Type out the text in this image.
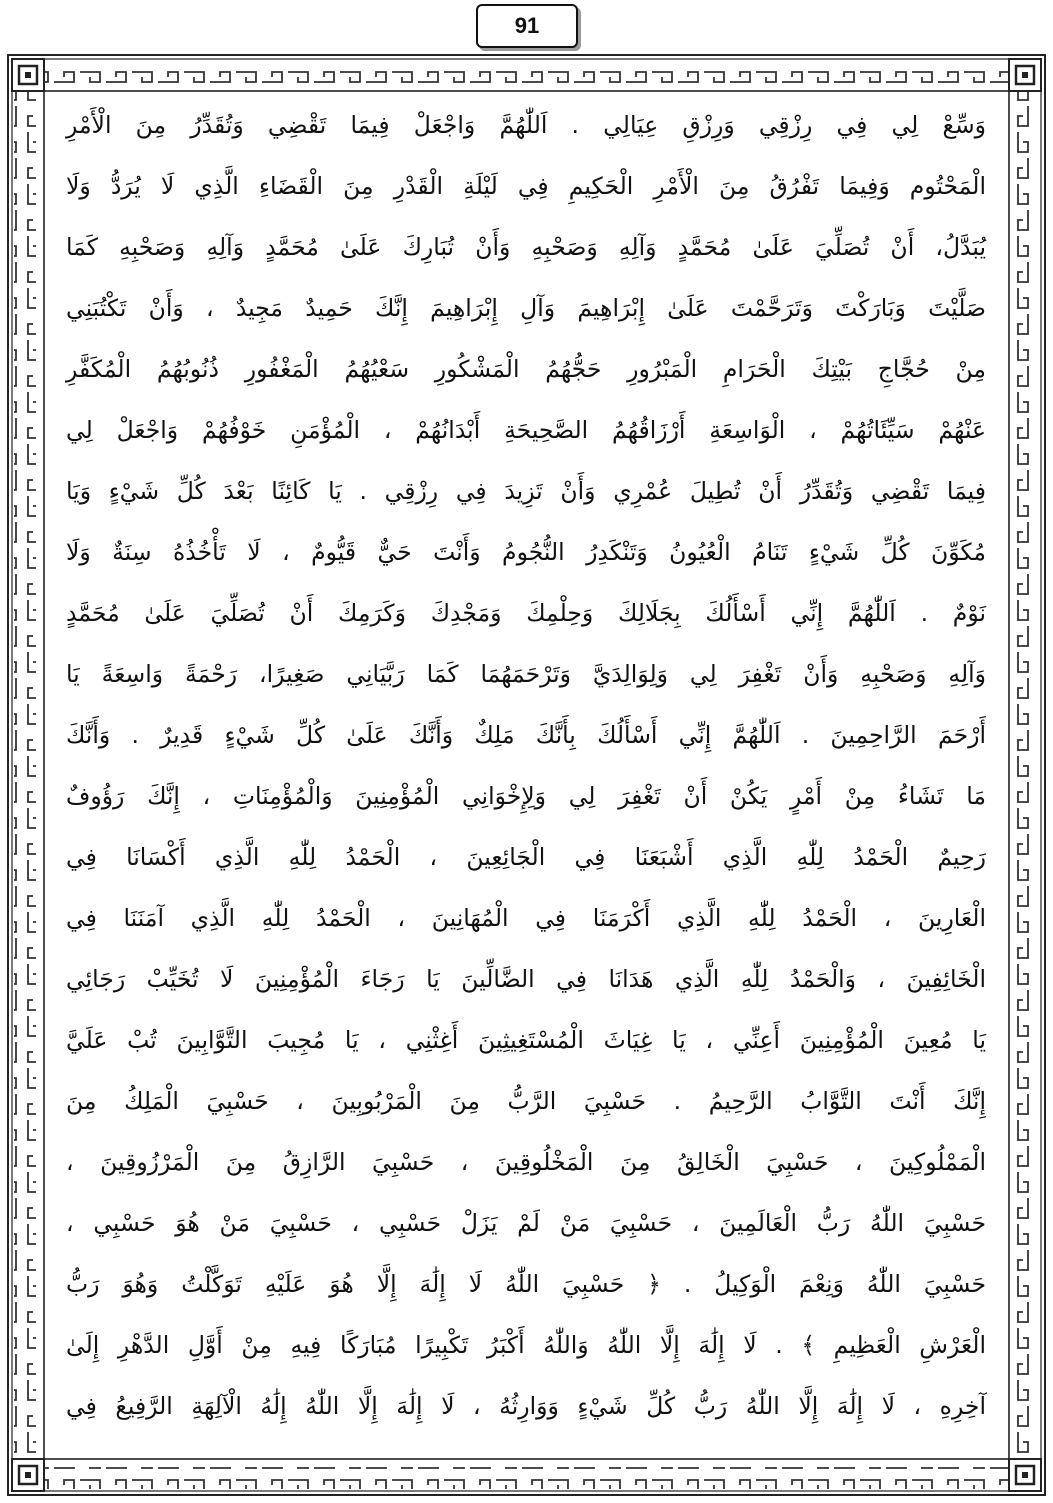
91
وَسِّعْ لِي فِي رِزْقِي وَرِزْقِ عِيَالِي . اَللّٰهُمَّ وَاجْعَلْ فِيمَا تَقْضِي وَتُقَدِّرُ مِنَ الْأَمْرِ
الْمَحْتُوم وَفِيمَا تَفْرُقُ مِنَ الْأَمْرِ الْحَكِيمِ فِي لَيْلَةِ الْقَدْرِ مِنَ الْقَضَاءِ الَّذِي لَا يُرَدُّ وَلَا
يُبَدَّلُ، أَنْ تُصَلِّيَ عَلَىٰ مُحَمَّدٍ وَآلِهِ وَصَحْبِهِ وَأَنْ تُبَارِكَ عَلَىٰ مُحَمَّدٍ وَآلِهِ وَصَحْبِهِ كَمَا
صَلَّيْتَ وَبَارَكْتَ وَتَرَحَّمْتَ عَلَىٰ إِبْرَاهِيمَ وَآلِ إِبْرَاهِيمَ إِنَّكَ حَمِيدٌ مَجِيدٌ ، وَأَنْ تَكْتُبَنِي
مِنْ حُجَّاجِ بَيْتِكَ الْحَرَامِ الْمَبْرُورِ حَجُّهُمُ الْمَشْكُورِ سَعْيُهُمُ الْمَغْفُورِ ذُنُوبُهُمُ الْمُكَفَّرِ
عَنْهُمْ سَيِّئَاتُهُمْ ، الْوَاسِعَةِ أَرْزَاقُهُمُ الصَّحِيحَةِ أَبْدَانُهُمْ ، الْمُؤْمَنِ خَوْفُهُمْ وَاجْعَلْ لِي
فِيمَا تَقْضِي وَتُقَدِّرُ أَنْ تُطِيلَ عُمْرِي وَأَنْ تَزِيدَ فِي رِزْقِي . يَا كَائِنًا بَعْدَ كُلِّ شَيْءٍ وَيَا
مُكَوِّنَ كُلِّ شَيْءٍ تَنَامُ الْعُيُونُ وَتَنْكَدِرُ النُّجُومُ وَأَنْتَ حَيٌّ قَيُّومٌ ، لَا تَأْخُذُهُ سِنَةٌ وَلَا
نَوْمٌ . اَللّٰهُمَّ إِنِّي أَسْأَلُكَ بِجَلَالِكَ وَحِلْمِكَ وَمَجْدِكَ وَكَرَمِكَ أَنْ تُصَلِّيَ عَلَىٰ مُحَمَّدٍ
وَآلِهِ وَصَحْبِهِ وَأَنْ تَغْفِرَ لِي وَلِوَالِدَيَّ وَتَرْحَمَهُمَا كَمَا رَبَّيَانِي صَغِيرًا، رَحْمَةً وَاسِعَةً يَا
أَرْحَمَ الرَّاحِمِينَ . اَللّٰهُمَّ إِنِّي أَسْأَلُكَ بِأَنَّكَ مَلِكٌ وَأَنَّكَ عَلَىٰ كُلِّ شَيْءٍ قَدِيرٌ . وَأَنَّكَ
مَا تَشَاءُ مِنْ أَمْرٍ يَكُنْ أَنْ تَغْفِرَ لِي وَلِإِخْوَانِي الْمُؤْمِنِينَ وَالْمُؤْمِنَاتِ ، إِنَّكَ رَؤُوفٌ
رَحِيمٌ الْحَمْدُ لِلّٰهِ الَّذِي أَشْبَعَنَا فِي الْجَائِعِينَ ، الْحَمْدُ لِلّٰهِ الَّذِي أَكْسَانَا فِي
الْعَارِينَ ، الْحَمْدُ لِلّٰهِ الَّذِي أَكْرَمَنَا فِي الْمُهَانِينَ ، الْحَمْدُ لِلّٰهِ الَّذِي آمَنَنَا فِي
الْخَائِفِينَ ، وَالْحَمْدُ لِلّٰهِ الَّذِي هَدَانَا فِي الضَّالِّينَ يَا رَجَاءَ الْمُؤْمِنِينَ لَا تُخَيِّبْ رَجَائِي
يَا مُعِينَ الْمُؤْمِنِينَ أَعِنِّي ، يَا غِيَاثَ الْمُسْتَغِيثِينَ أَغِثْنِي ، يَا مُجِيبَ التَّوَّابِينَ تُبْ عَلَيَّ
إِنَّكَ أَنْتَ التَّوَّابُ الرَّحِيمُ . حَسْبِيَ الرَّبُّ مِنَ الْمَرْبُوبِينَ ، حَسْبِيَ الْمَلِكُ مِنَ
الْمَمْلُوكِينَ ، حَسْبِيَ الْخَالِقُ مِنَ الْمَخْلُوقِينَ ، حَسْبِيَ الرَّازِقُ مِنَ الْمَرْزُوقِينَ ،
حَسْبِيَ اللّٰهُ رَبُّ الْعَالَمِينَ ، حَسْبِيَ مَنْ لَمْ يَزَلْ حَسْبِي ، حَسْبِيَ مَنْ هُوَ حَسْبِي ،
حَسْبِيَ اللّٰهُ وَنِعْمَ الْوَكِيلُ . ﴿ حَسْبِيَ اللّٰهُ لَا إِلَٰهَ إِلَّا هُوَ عَلَيْهِ تَوَكَّلْتُ وَهُوَ رَبُّ
الْعَرْشِ الْعَظِيمِ ﴾ . لَا إِلَٰهَ إِلَّا اللّٰهُ وَاللّٰهُ أَكْبَرُ تَكْبِيرًا مُبَارَكًا فِيهِ مِنْ أَوَّلِ الدَّهْرِ إِلَىٰ
آخِرِهِ ، لَا إِلَٰهَ إِلَّا اللّٰهُ رَبُّ كُلِّ شَيْءٍ وَوَارِثُهُ ، لَا إِلَٰهَ إِلَّا اللّٰهُ إِلَٰهُ الْآلِهَةِ الرَّفِيعُ فِي
